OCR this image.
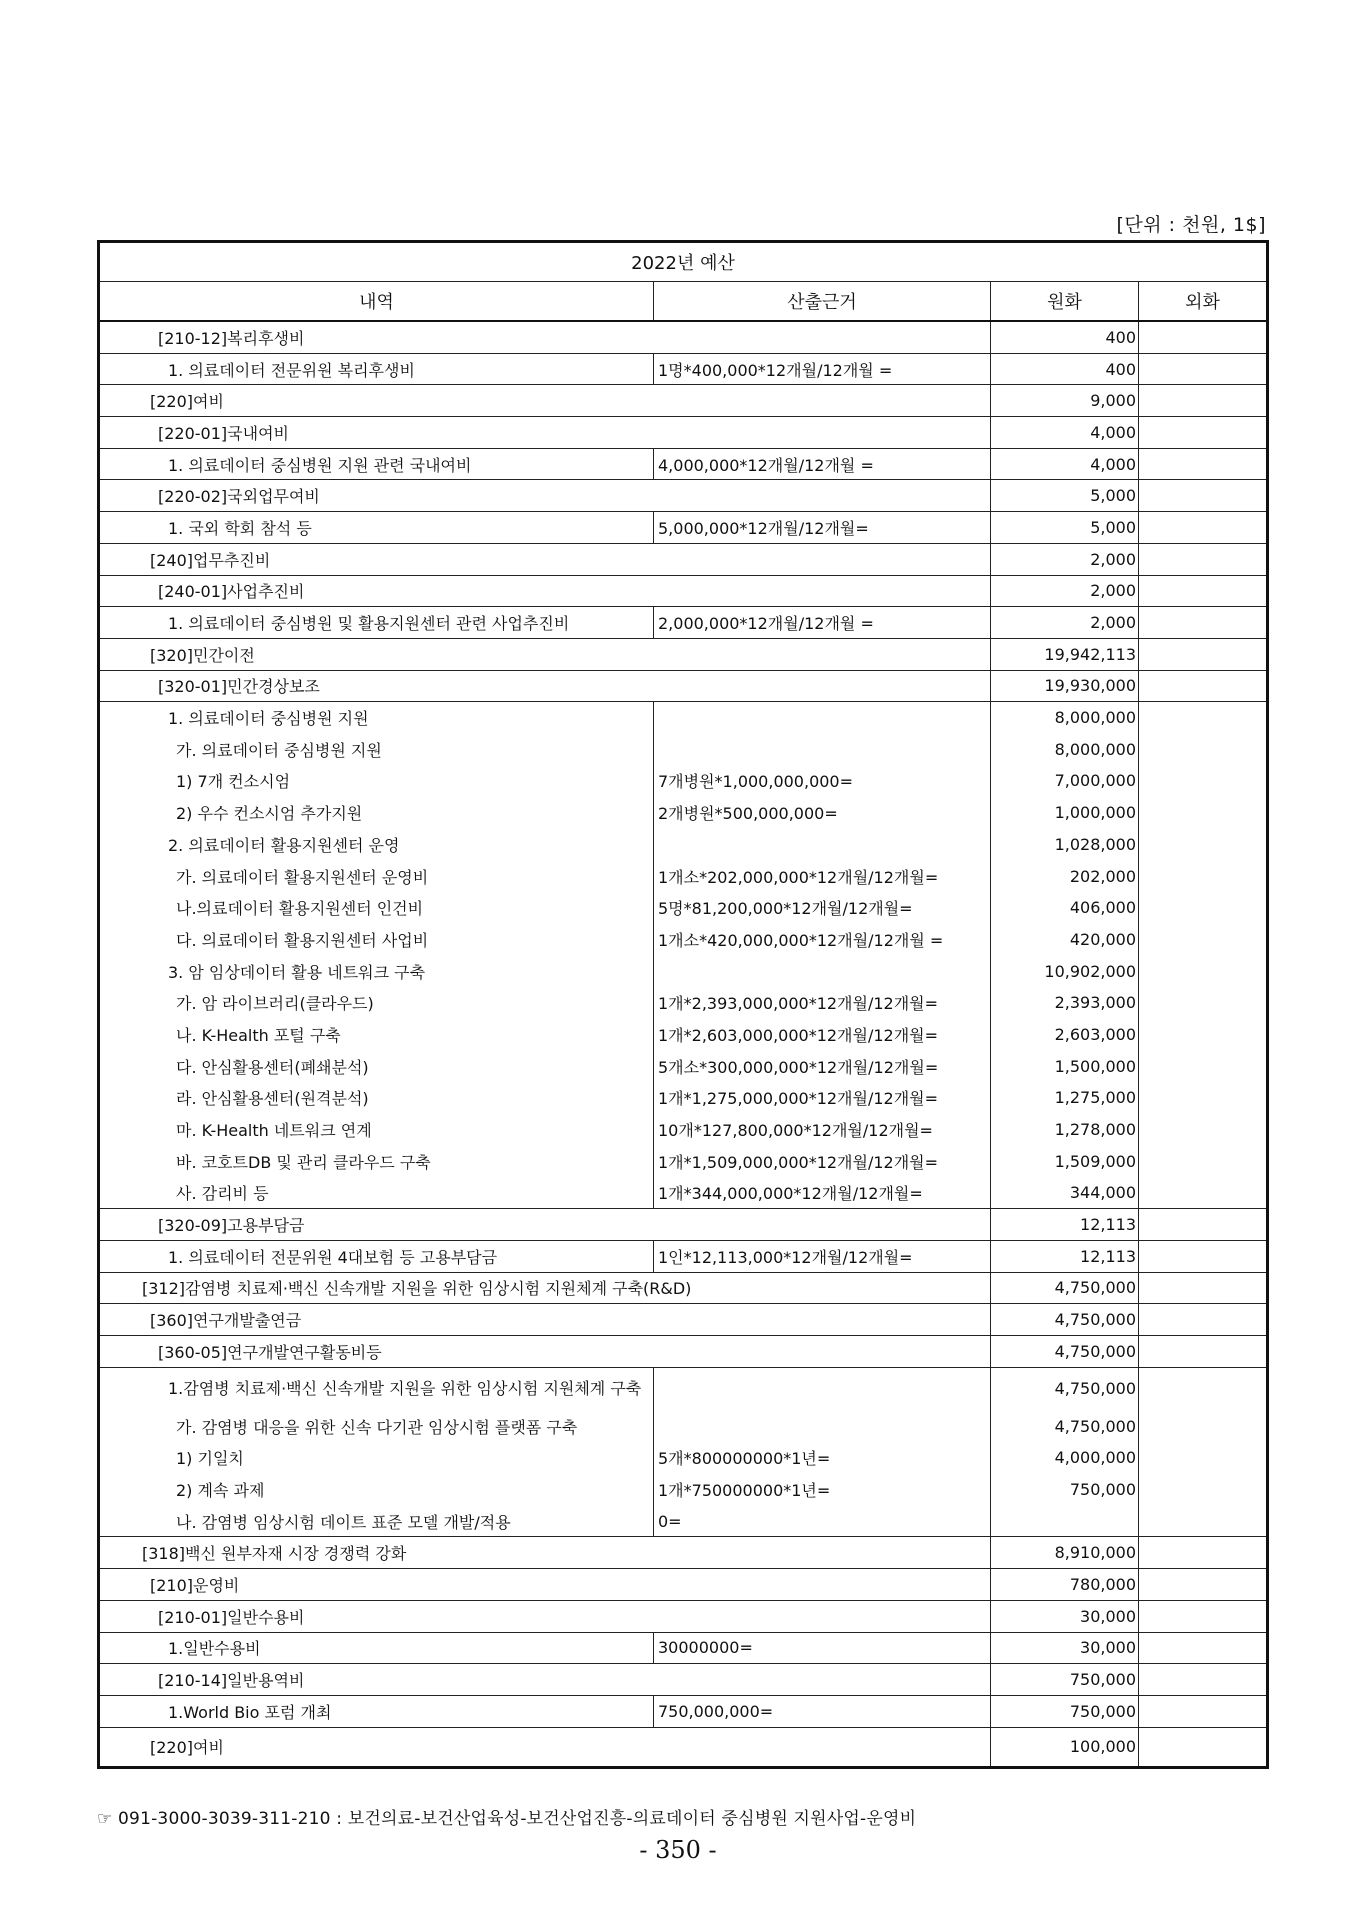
[단위 : 천원, 1$]
2022년 예산			
내역	산출근거	원화	외화
[210-12]복리후생비		400	
1. 의료데이터 전문위원 복리후생비	1명*400,000*12개월/12개월 =	400	
[220]여비		9,000	
[220-01]국내여비		4,000	
1. 의료데이터 중심병원 지원 관련 국내여비	4,000,000*12개월/12개월 =	4,000	
[220-02]국외업무여비		5,000	
1. 국외 학회 참석 등	5,000,000*12개월/12개월=	5,000	
[240]업무추진비		2,000	
[240-01]사업추진비		2,000	
1. 의료데이터 중심병원 및 활용지원센터 관련 사업추진비	2,000,000*12개월/12개월 =	2,000	
[320]민간이전		19,942,113	
[320-01]민간경상보조		19,930,000	
1. 의료데이터 중심병원 지원		8,000,000	
가. 의료데이터 중심병원 지원		8,000,000	
1) 7개 컨소시엄	7개병원*1,000,000,000=	7,000,000	
2) 우수 컨소시엄 추가지원	2개병원*500,000,000=	1,000,000	
2. 의료데이터 활용지원센터 운영		1,028,000	
가. 의료데이터 활용지원센터 운영비	1개소*202,000,000*12개월/12개월=	202,000	
나.의료데이터 활용지원센터 인건비	5명*81,200,000*12개월/12개월=	406,000	
다. 의료데이터 활용지원센터 사업비	1개소*420,000,000*12개월/12개월 =	420,000	
3. 암 임상데이터 활용 네트워크 구축		10,902,000	
가. 암 라이브러리(클라우드)	1개*2,393,000,000*12개월/12개월=	2,393,000	
나. K-Health 포털 구축	1개*2,603,000,000*12개월/12개월=	2,603,000	
다. 안심활용센터(폐쇄분석)	5개소*300,000,000*12개월/12개월=	1,500,000	
라. 안심활용센터(원격분석)	1개*1,275,000,000*12개월/12개월=	1,275,000	
마. K-Health 네트워크 연계	10개*127,800,000*12개월/12개월=	1,278,000	
바. 코호트DB 및 관리 클라우드 구축	1개*1,509,000,000*12개월/12개월=	1,509,000	
사. 감리비 등	1개*344,000,000*12개월/12개월=	344,000	
[320-09]고용부담금		12,113	
1. 의료데이터 전문위원 4대보험 등 고용부담금	1인*12,113,000*12개월/12개월=	12,113	
[312]감염병 치료제·백신 신속개발 지원을 위한 임상시험 지원체계 구축(R&D)		4,750,000	
[360]연구개발출연금		4,750,000	
[360-05]연구개발연구활동비등		4,750,000	
1.감염병 치료제·백신 신속개발 지원을 위한 임상시험 지원체계 구축		4,750,000	
가. 감염병 대응을 위한 신속 다기관 임상시험 플랫폼 구축		4,750,000	
1) 기일치	5개*800000000*1년=	4,000,000	
2) 계속 과제	1개*750000000*1년=	750,000	
나. 감염병 임상시험 데이트 표준 모델 개발/적용	0=		
[318]백신 원부자재 시장 경쟁력 강화		8,910,000	
[210]운영비		780,000	
[210-01]일반수용비		30,000	
1.일반수용비	30000000=	30,000	
[210-14]일반용역비		750,000	
1.World Bio 포럼 개최	750,000,000=	750,000	
[220]여비		100,000	
☞ 091-3000-3039-311-210 : 보건의료-보건산업육성-보건산업진흥-의료데이터 중심병원 지원사업-운영비
- 350 -
